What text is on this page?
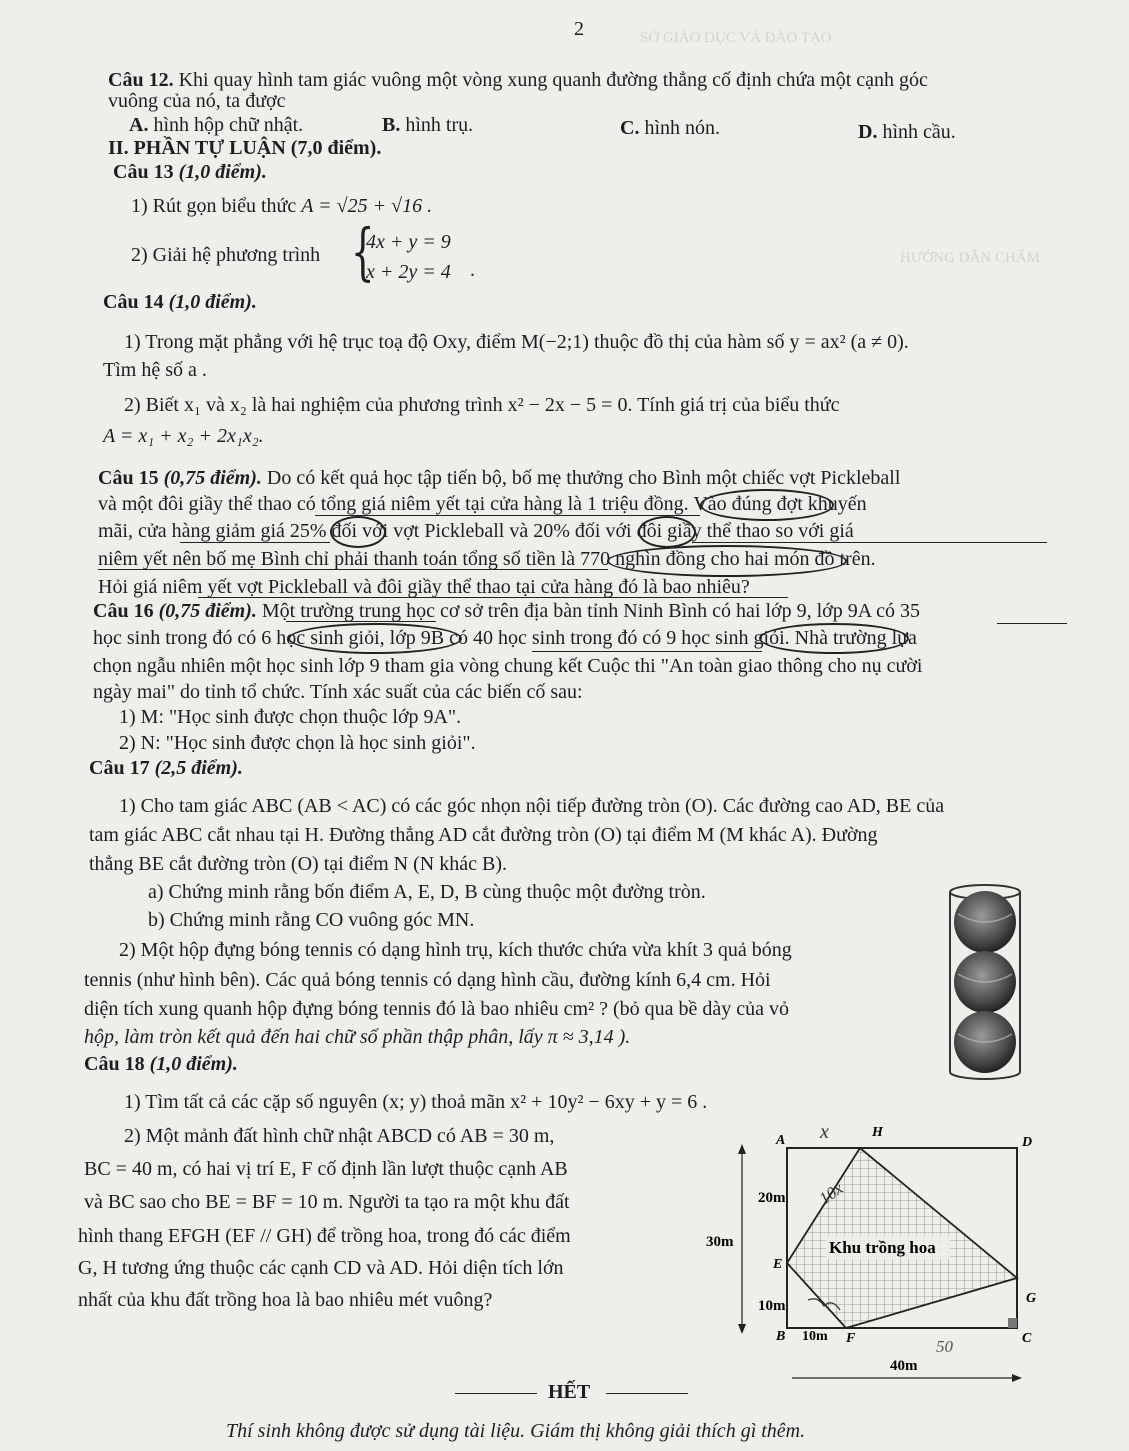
SỞ GIÁO DỤC VÀ ĐÀO TẠO
HƯỚNG DẪN CHẤM
2
Câu 12. Khi quay hình tam giác vuông một vòng xung quanh đường thẳng cố định chứa một cạnh góc
vuông của nó, ta được
A. hình hộp chữ nhật.	B. hình trụ.	C. hình nón.	D. hình cầu.
II. PHẦN TỰ LUẬN (7,0 điểm).
Câu 13 (1,0 điểm).
1) Rút gọn biểu thức A = √25 + √16 .
2) Giải hệ phương trình {
4x + y = 9
x + 2y = 4 .
Câu 14 (1,0 điểm).
1) Trong mặt phẳng với hệ trục toạ độ Oxy, điểm M(−2;1) thuộc đồ thị của hàm số y = ax² (a ≠ 0).
Tìm hệ số a .
2) Biết x₁ và x₂ là hai nghiệm của phương trình x² − 2x − 5 = 0. Tính giá trị của biểu thức
A = x₁ + x₂ + 2x₁x₂.
Câu 15 (0,75 điểm). Do có kết quả học tập tiến bộ, bố mẹ thưởng cho Bình một chiếc vợt Pickleball
và một đôi giầy thể thao có tổng giá niêm yết tại cửa hàng là 1 triệu đồng. Vào đúng đợt khuyến
mãi, cửa hàng giảm giá 25% đối với vợt Pickleball và 20% đối với đôi giầy thể thao so với giá
niêm yết nên bố mẹ Bình chỉ phải thanh toán tổng số tiền là 770 nghìn đồng cho hai món đồ trên.
Hỏi giá niêm yết vợt Pickleball và đôi giầy thể thao tại cửa hàng đó là bao nhiêu?
Câu 16 (0,75 điểm). Một trường trung học cơ sở trên địa bàn tỉnh Ninh Bình có hai lớp 9, lớp 9A có 35
học sinh trong đó có 6 học sinh giỏi, lớp 9B có 40 học sinh trong đó có 9 học sinh giỏi. Nhà trường lựa
chọn ngẫu nhiên một học sinh lớp 9 tham gia vòng chung kết Cuộc thi "An toàn giao thông cho nụ cười
ngày mai" do tỉnh tổ chức. Tính xác suất của các biến cố sau:
1) M: "Học sinh được chọn thuộc lớp 9A".
2) N: "Học sinh được chọn là học sinh giỏi".
Câu 17 (2,5 điểm).
1) Cho tam giác ABC (AB < AC) có các góc nhọn nội tiếp đường tròn (O). Các đường cao AD, BE của
tam giác ABC cắt nhau tại H. Đường thẳng AD cắt đường tròn (O) tại điểm M (M khác A). Đường
thẳng BE cắt đường tròn (O) tại điểm N (N khác B).
a) Chứng minh rằng bốn điểm A, E, D, B cùng thuộc một đường tròn.
b) Chứng minh rằng CO vuông góc MN.
2) Một hộp đựng bóng tennis có dạng hình trụ, kích thước chứa vừa khít 3 quả bóng
tennis (như hình bên). Các quả bóng tennis có dạng hình cầu, đường kính 6,4 cm. Hỏi
diện tích xung quanh hộp đựng bóng tennis đó là bao nhiêu cm² ? (bỏ qua bề dày của vỏ
hộp, làm tròn kết quả đến hai chữ số phần thập phân, lấy π ≈ 3,14 ).
Câu 18 (1,0 điểm).
1) Tìm tất cả các cặp số nguyên (x; y) thoả mãn x² + 10y² − 6xy + y = 6 .
2) Một mảnh đất hình chữ nhật ABCD có AB = 30 m,
BC = 40 m, có hai vị trí E, F cố định lần lượt thuộc cạnh AB
và BC sao cho BE = BF = 10 m. Người ta tạo ra một khu đất
hình thang EFGH (EF // GH) để trồng hoa, trong đó các điểm
G, H tương ứng thuộc các cạnh CD và AD. Hỏi diện tích lớn
nhất của khu đất trồng hoa là bao nhiêu mét vuông?
Khu trồng hoa
A
H
D
E
B	F
G
C
20m
30m
10m
10m
40m
x
10x
50
HẾT
Thí sinh không được sử dụng tài liệu. Giám thị không giải thích gì thêm.
